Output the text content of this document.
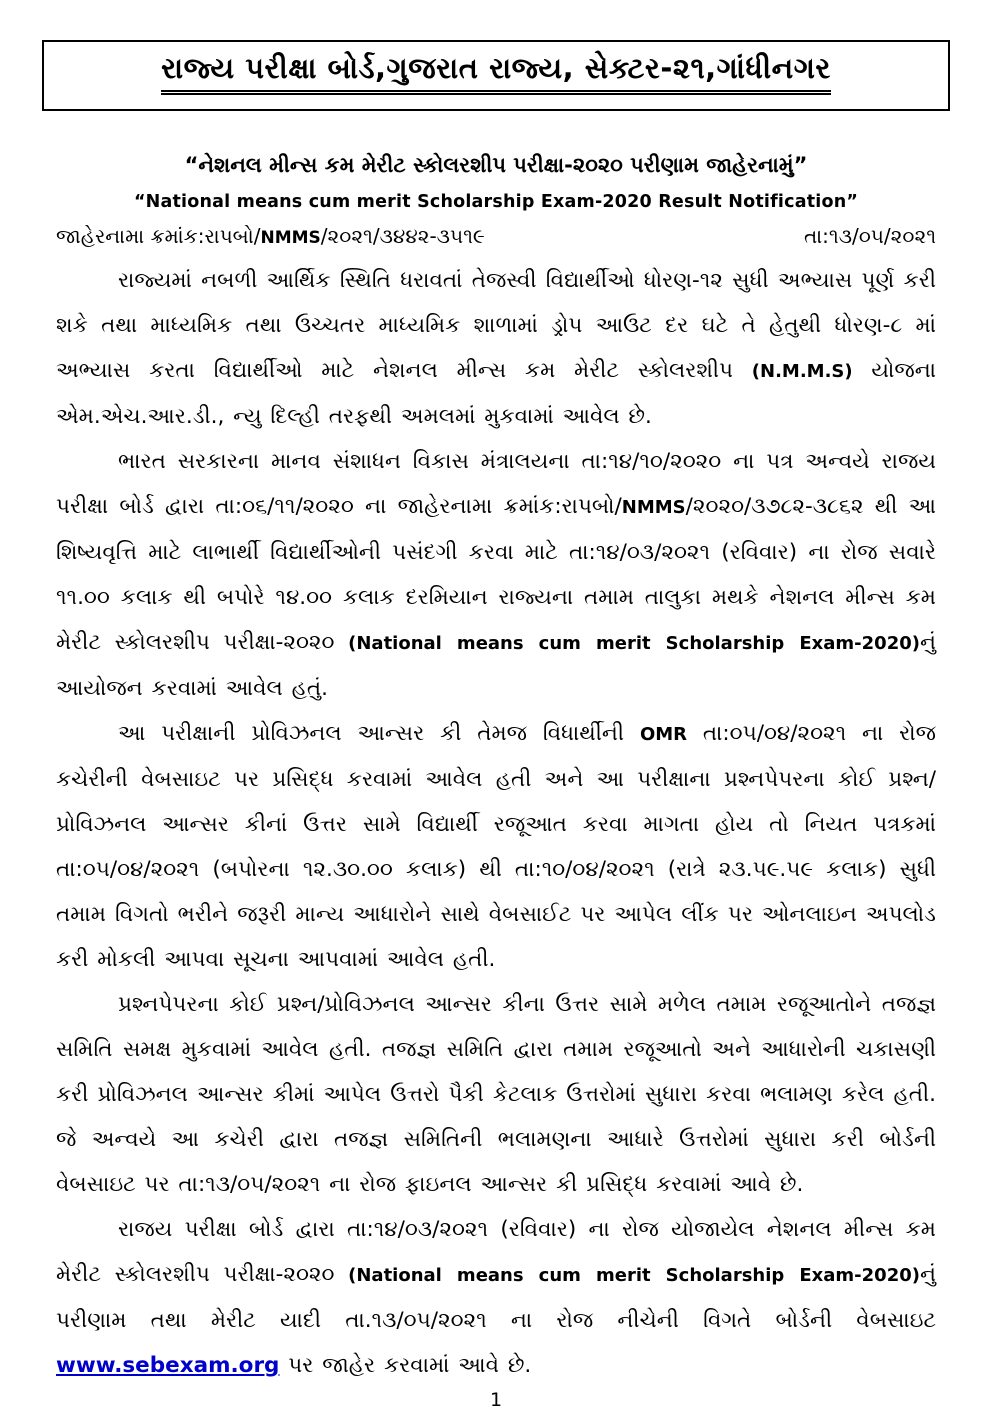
રાજ્ય પરીક્ષા બોર્ડ,ગુજરાત રાજ્ય, સેક્ટર-૨૧,ગાંધીનગર
“નેશનલ મીન્સ કમ મેરીટ સ્કોલરશીપ પરીક્ષા-૨૦૨૦ પરીણામ જાહેરનામું”
“National means cum merit Scholarship Exam-2020 Result Notification”
જાહેરનામા ક્રમાંક:રાપબો/NMMS/૨૦૨૧/૩૪૪૨-૩૫૧૯	તા:૧૩/૦૫/૨૦૨૧

રાજ્યમાં નબળી આર્થિક સ્થિતિ ધરાવતાં તેજસ્વી વિદ્યાર્થીઓ ધોરણ-૧૨ સુધી અભ્યાસ પૂર્ણ કરી શકે તથા માધ્યમિક તથા ઉચ્ચતર માધ્યમિક શાળામાં ડ્રોપ આઉટ દર ઘટે તે હેતુથી ધોરણ-૮ માં અભ્યાસ કરતા વિદ્યાર્થીઓ માટે નેશનલ મીન્સ કમ મેરીટ સ્કોલરશીપ (N.M.M.S) યોજના એમ.એચ.આર.ડી., ન્યુ દિલ્હી તરફથી અમલમાં મુકવામાં આવેલ છે.

ભારત સરકારના માનવ સંશાધન વિકાસ મંત્રાલયના તા:૧૪/૧૦/૨૦૨૦ ના પત્ર અન્વયે રાજય પરીક્ષા બોર્ડ દ્વારા તા:૦૬/૧૧/૨૦૨૦ ના જાહેરનામા ક્રમાંક:રાપબો/NMMS/૨૦૨૦/૩૭૮૨-૩૮૬૨ થી આ શિષ્યવૃત્તિ માટે લાભાર્થી વિદ્યાર્થીઓની પસંદગી કરવા માટે તા:૧૪/૦૩/૨૦૨૧ (રવિવાર) ના રોજ સવારે ૧૧.૦૦ કલાક થી બપોરે ૧૪.૦૦ કલાક દરમિયાન રાજ્યના તમામ તાલુકા મથકે નેશનલ મીન્સ કમ મેરીટ સ્કોલરશીપ પરીક્ષા-૨૦૨૦ (National means cum merit Scholarship Exam-2020)નું આયોજન કરવામાં આવેલ હતું.

આ પરીક્ષાની પ્રોવિઝનલ આન્સર કી તેમજ વિધાર્થીની OMR તા:૦૫/૦૪/૨૦૨૧ ના રોજ કચેરીની વેબસાઇટ પર પ્રસિદ્ધ કરવામાં આવેલ હતી અને આ પરીક્ષાના પ્રશ્નપેપરના કોઈ પ્રશ્ન/પ્રોવિઝનલ આન્સર કીનાં ઉત્તર સામે વિદ્યાર્થી રજૂઆત કરવા માગતા હોય તો નિયત પત્રકમાં તા:૦૫/૦૪/૨૦૨૧ (બપોરના ૧૨.૩૦.૦૦ કલાક) થી તા:૧૦/૦૪/૨૦૨૧ (રાત્રે ૨૩.૫૯.૫૯ કલાક) સુધી તમામ વિગતો ભરીને જરૂરી માન્ય આધારોને સાથે વેબસાઈટ પર આપેલ લીંક પર ઓનલાઇન અપલોડ કરી મોકલી આપવા સૂચના આપવામાં આવેલ હતી.

પ્રશ્નપેપરના કોઈ પ્રશ્ન/પ્રોવિઝનલ આન્સર કીના ઉત્તર સામે મળેલ તમામ રજૂઆતોને તજજ્ઞ સમિતિ સમક્ષ મુકવામાં આવેલ હતી. તજજ્ઞ સમિતિ દ્વારા તમામ રજૂઆતો અને આધારોની ચકાસણી કરી પ્રોવિઝનલ આન્સર કીમાં આપેલ ઉત્તરો પૈકી કેટલાક ઉત્તરોમાં સુધારા કરવા ભલામણ કરેલ હતી. જે અન્વયે આ કચેરી દ્વારા તજજ્ઞ સમિતિની ભલામણના આધારે ઉત્તરોમાં સુધારા કરી બોર્ડની વેબસાઇટ પર તા:૧૩/૦૫/૨૦૨૧ ના રોજ ફાઇનલ આન્સર કી પ્રસિદ્ધ કરવામાં આવે છે.

રાજય પરીક્ષા બોર્ડ દ્વારા તા:૧૪/૦૩/૨૦૨૧ (રવિવાર) ના રોજ યોજાયેલ નેશનલ મીન્સ કમ મેરીટ સ્કોલરશીપ પરીક્ષા-૨૦૨૦ (National means cum merit Scholarship Exam-2020)નું પરીણામ તથા મેરીટ યાદી તા.૧૩/૦૫/૨૦૨૧ ના રોજ નીચેની વિગતે બોર્ડની વેબસાઇટ www.sebexam.org પર જાહેર કરવામાં આવે છે.

1
